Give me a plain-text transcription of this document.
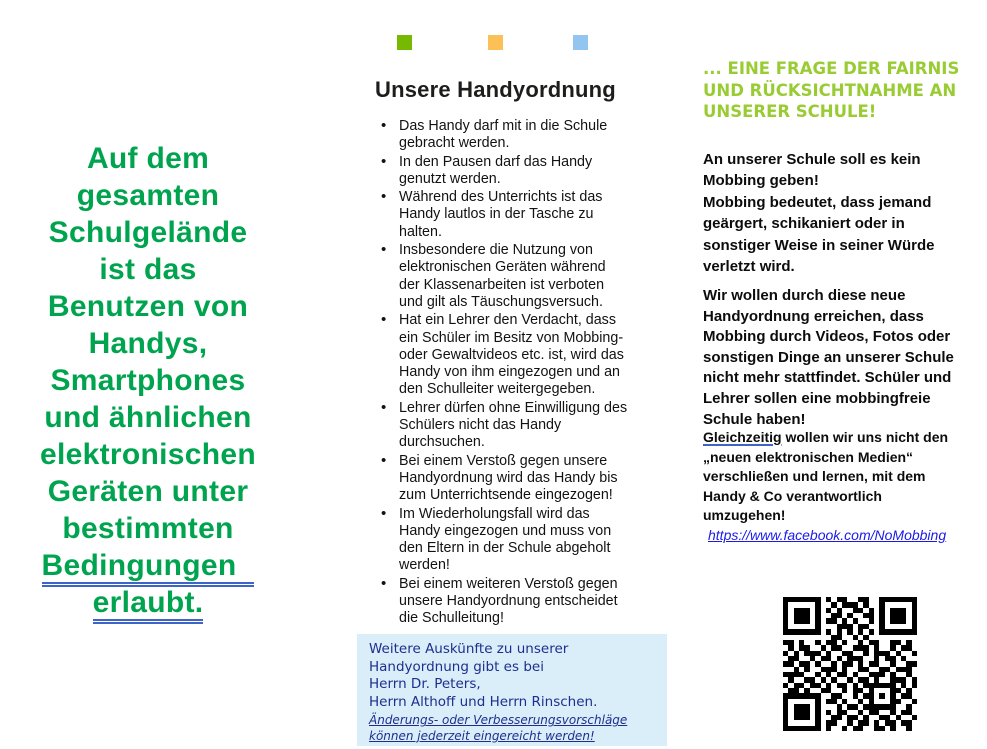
Auf dem
gesamten
Schulgelände
ist das
Benutzen von
Handys,
Smartphones
und ähnlichen
elektronischen
Geräten unter
bestimmten
Bedingungen
erlaubt.
Unsere Handyordnung
• Das Handy darf mit in die Schule gebracht werden.
• In den Pausen darf das Handy genutzt werden.
• Während des Unterrichts ist das Handy lautlos in der Tasche zu halten.
• Insbesondere die Nutzung von elektronischen Geräten während der Klassenarbeiten ist verboten und gilt als Täuschungsversuch.
• Hat ein Lehrer den Verdacht, dass ein Schüler im Besitz von Mobbing- oder Gewaltvideos etc. ist, wird das Handy von ihm eingezogen und an den Schulleiter weitergegeben.
• Lehrer dürfen ohne Einwilligung des Schülers nicht das Handy durchsuchen.
• Bei einem Verstoß gegen unsere Handyordnung wird das Handy bis zum Unterrichtsende eingezogen!
• Im Wiederholungsfall wird das Handy eingezogen und muss von den Eltern in der Schule abgeholt werden!
• Bei einem weiteren Verstoß gegen unsere Handyordnung entscheidet die Schulleitung!
Weitere Auskünfte zu unserer
Handyordnung gibt es bei
Herrn Dr. Peters,
Herrn Althoff und Herrn Rinschen.
Änderungs- oder Verbesserungsvorschläge können jederzeit eingereicht werden!
... EINE FRAGE DER FAIRNIS
UND RÜCKSICHTNAHME AN
UNSERER SCHULE!
An unserer Schule soll es kein Mobbing geben!
Mobbing bedeutet, dass jemand geärgert, schikaniert oder in sonstiger Weise in seiner Würde verletzt wird.
Wir wollen durch diese neue Handyordnung erreichen, dass Mobbing durch Videos, Fotos oder sonstigen Dinge an unserer Schule nicht mehr stattfindet. Schüler und Lehrer sollen eine mobbingfreie Schule haben!
Gleichzeitig wollen wir uns nicht den „neuen elektronischen Medien“ verschließen und lernen, mit dem Handy & Co verantwortlich umzugehen!
https://www.facebook.com/NoMobbing
